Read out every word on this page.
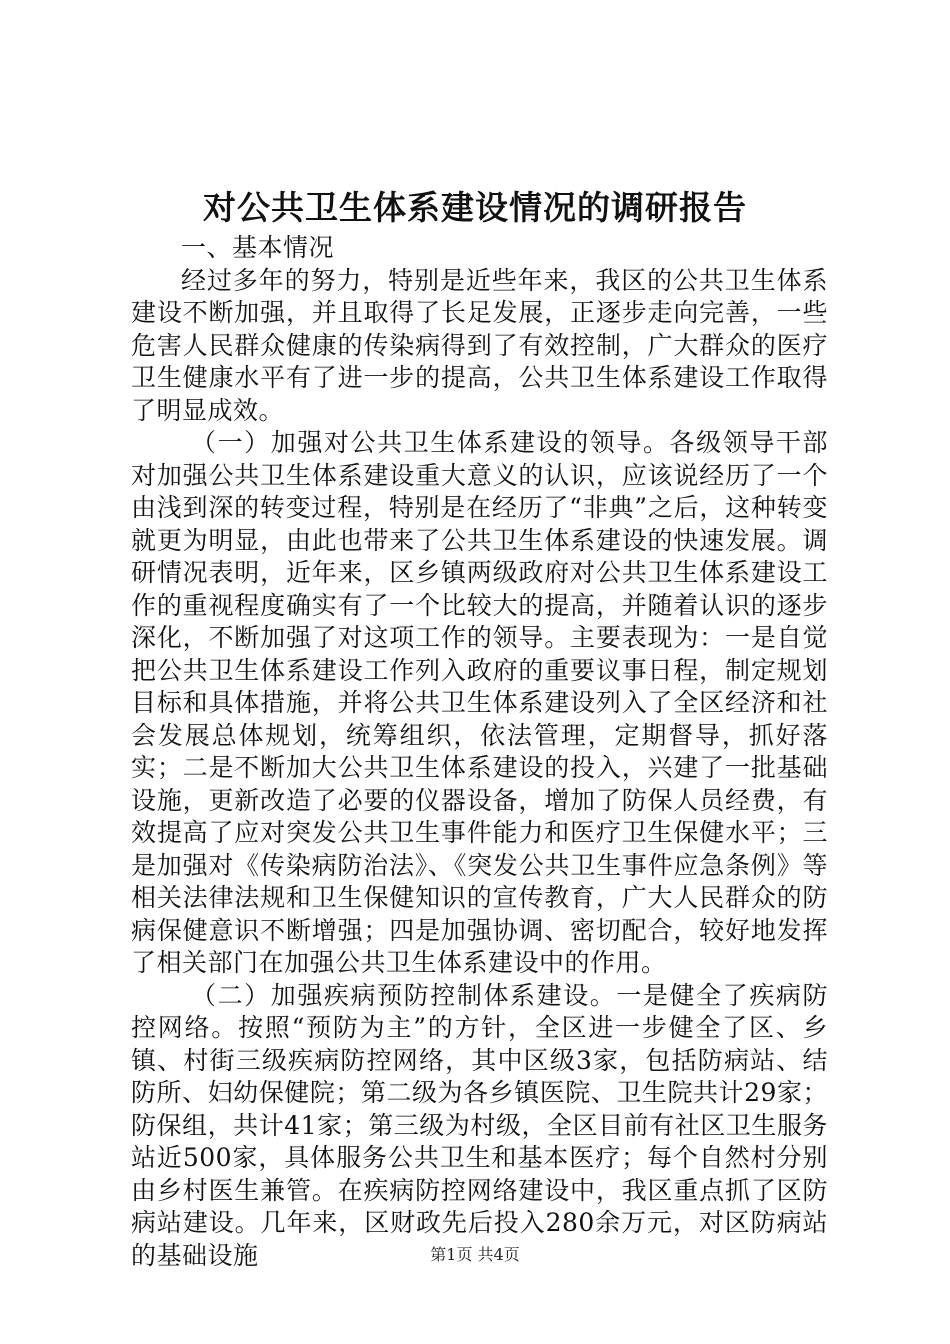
对公共卫生体系建设情况的调研报告

一、基本情况

经过多年的努力，特别是近些年来，我区的公共卫生体系建设不断加强，并且取得了长足发展，正逐步走向完善，一些危害人民群众健康的传染病得到了有效控制，广大群众的医疗卫生健康水平有了进一步的提高，公共卫生体系建设工作取得了明显成效。

（一）加强对公共卫生体系建设的领导。各级领导干部对加强公共卫生体系建设重大意义的认识，应该说经历了一个由浅到深的转变过程，特别是在经历了“非典”之后，这种转变就更为明显，由此也带来了公共卫生体系建设的快速发展。调研情况表明，近年来，区乡镇两级政府对公共卫生体系建设工作的重视程度确实有了一个比较大的提高，并随着认识的逐步深化，不断加强了对这项工作的领导。主要表现为：一是自觉把公共卫生体系建设工作列入政府的重要议事日程，制定规划目标和具体措施，并将公共卫生体系建设列入了全区经济和社会发展总体规划，统筹组织，依法管理，定期督导，抓好落实；二是不断加大公共卫生体系建设的投入，兴建了一批基础设施，更新改造了必要的仪器设备，增加了防保人员经费，有效提高了应对突发公共卫生事件能力和医疗卫生保健水平；三是加强对《传染病防治法》、《突发公共卫生事件应急条例》等相关法律法规和卫生保健知识的宣传教育，广大人民群众的防病保健意识不断增强；四是加强协调、密切配合，较好地发挥了相关部门在加强公共卫生体系建设中的作用。

（二）加强疾病预防控制体系建设。一是健全了疾病防控网络。按照“预防为主”的方针，全区进一步健全了区、乡镇、村街三级疾病防控网络，其中区级3家，包括防病站、结防所、妇幼保健院；第二级为各乡镇医院、卫生院共计29家；防保组，共计41家；第三级为村级，全区目前有社区卫生服务站近500家，具体服务公共卫生和基本医疗；每个自然村分别由乡村医生兼管。在疾病防控网络建设中，我区重点抓了区防病站建设。几年来，区财政先后投入280余万元，对区防病站的基础设施	第1页 共4页
